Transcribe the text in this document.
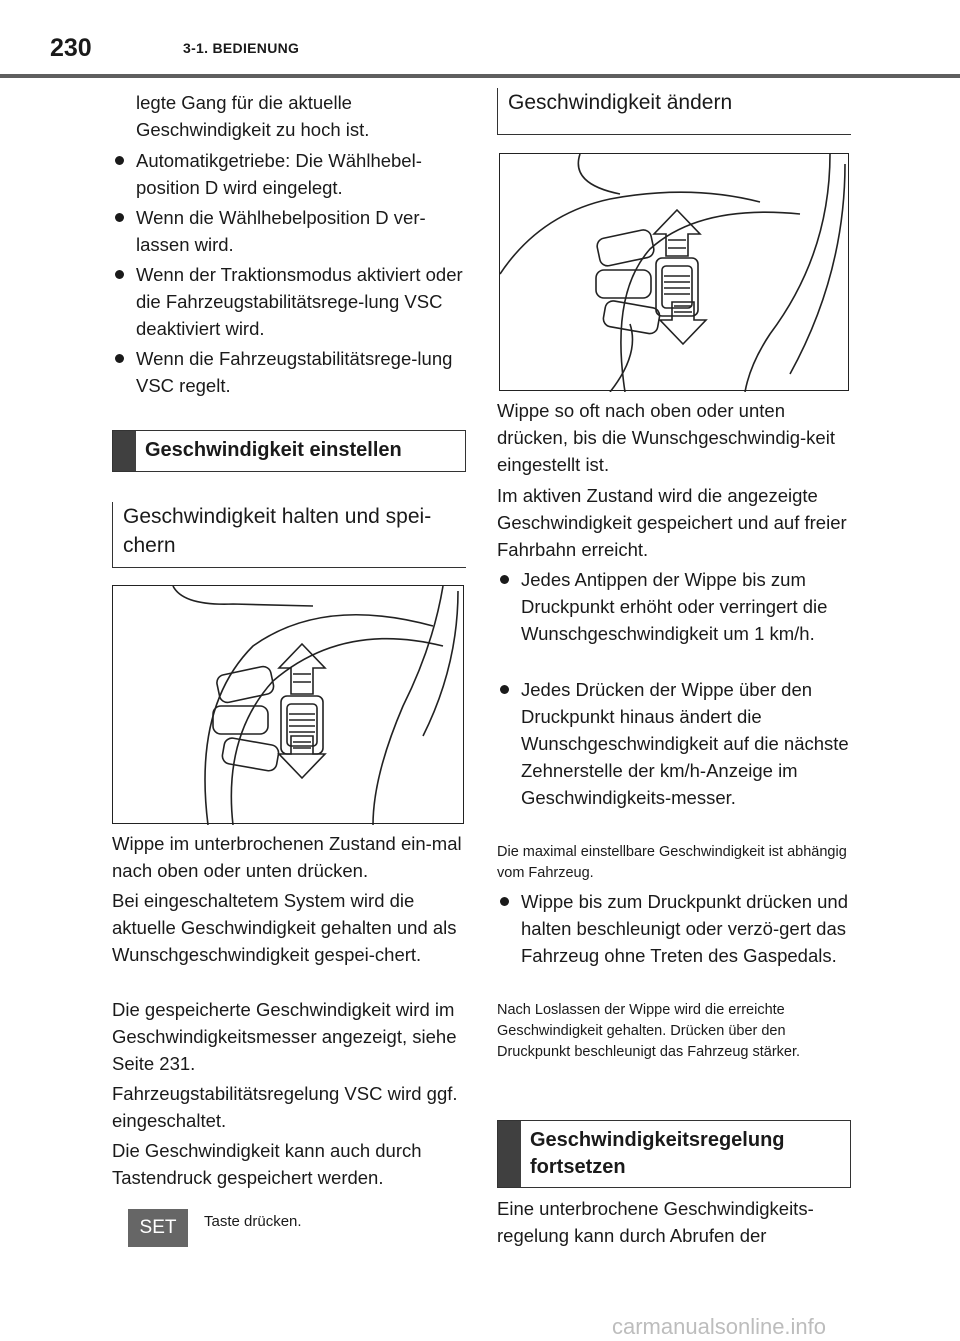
230	3-1. BEDIENUNG
legte Gang für die aktuelle Geschwindigkeit zu hoch ist.
Automatikgetriebe: Die Wählhebel-position D wird eingelegt.
Wenn die Wählhebelposition D ver-lassen wird.
Wenn der Traktionsmodus aktiviert oder die Fahrzeugstabilitätsrege-lung VSC deaktiviert wird.
Wenn die Fahrzeugstabilitätsrege-lung VSC regelt.
Geschwindigkeit einstellen
Geschwindigkeit halten und spei-chern
Wippe im unterbrochenen Zustand ein-mal nach oben oder unten drücken.
Bei eingeschaltetem System wird die aktuelle Geschwindigkeit gehalten und als Wunschgeschwindigkeit gespei-chert.
Die gespeicherte Geschwindigkeit wird im Geschwindigkeitsmesser angezeigt, siehe Seite 231.
Fahrzeugstabilitätsregelung VSC wird ggf. eingeschaltet.
Die Geschwindigkeit kann auch durch Tastendruck gespeichert werden.
SET	Taste drücken.
Geschwindigkeit ändern
Wippe so oft nach oben oder unten drücken, bis die Wunschgeschwindig-keit eingestellt ist.
Im aktiven Zustand wird die angezeigte Geschwindigkeit gespeichert und auf freier Fahrbahn erreicht.
Jedes Antippen der Wippe bis zum Druckpunkt erhöht oder verringert die Wunschgeschwindigkeit um 1 km/h.
Jedes Drücken der Wippe über den Druckpunkt hinaus ändert die Wunschgeschwindigkeit auf die nächste Zehnerstelle der km/h-Anzeige im Geschwindigkeits-messer.
Die maximal einstellbare Geschwindigkeit ist abhängig vom Fahrzeug.
Wippe bis zum Druckpunkt drücken und halten beschleunigt oder verzö-gert das Fahrzeug ohne Treten des Gaspedals.
Nach Loslassen der Wippe wird die erreichte Geschwindigkeit gehalten. Drücken über den Druckpunkt beschleunigt das Fahrzeug stärker.
Geschwindigkeitsregelung fortsetzen
Eine unterbrochene Geschwindigkeits-regelung kann durch Abrufen der
carmanualsonline.info
